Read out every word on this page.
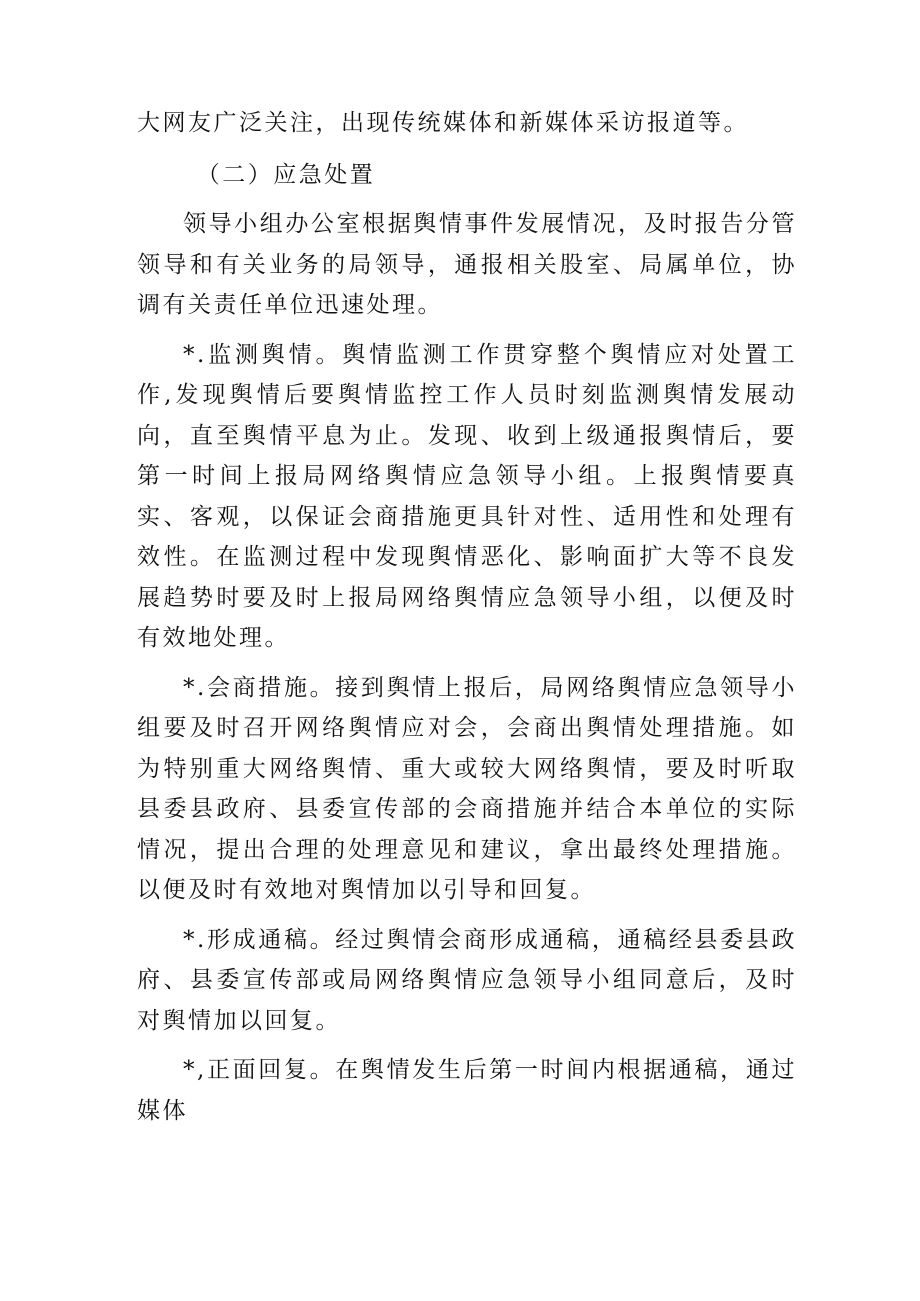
大网友广泛关注，出现传统媒体和新媒体采访报道等。

（二）应急处置

领导小组办公室根据舆情事件发展情况，及时报告分管领导和有关业务的局领导，通报相关股室、局属单位，协调有关责任单位迅速处理。

*.监测舆情。舆情监测工作贯穿整个舆情应对处置工作,发现舆情后要舆情监控工作人员时刻监测舆情发展动向，直至舆情平息为止。发现、收到上级通报舆情后，要第一时间上报局网络舆情应急领导小组。上报舆情要真实、客观，以保证会商措施更具针对性、适用性和处理有效性。在监测过程中发现舆情恶化、影响面扩大等不良发展趋势时要及时上报局网络舆情应急领导小组，以便及时有效地处理。

*.会商措施。接到舆情上报后，局网络舆情应急领导小组要及时召开网络舆情应对会，会商出舆情处理措施。如为特别重大网络舆情、重大或较大网络舆情，要及时听取县委县政府、县委宣传部的会商措施并结合本单位的实际情况，提出合理的处理意见和建议，拿出最终处理措施。以便及时有效地对舆情加以引导和回复。

*.形成通稿。经过舆情会商形成通稿，通稿经县委县政府、县委宣传部或局网络舆情应急领导小组同意后，及时对舆情加以回复。

*,正面回复。在舆情发生后第一时间内根据通稿，通过媒体
